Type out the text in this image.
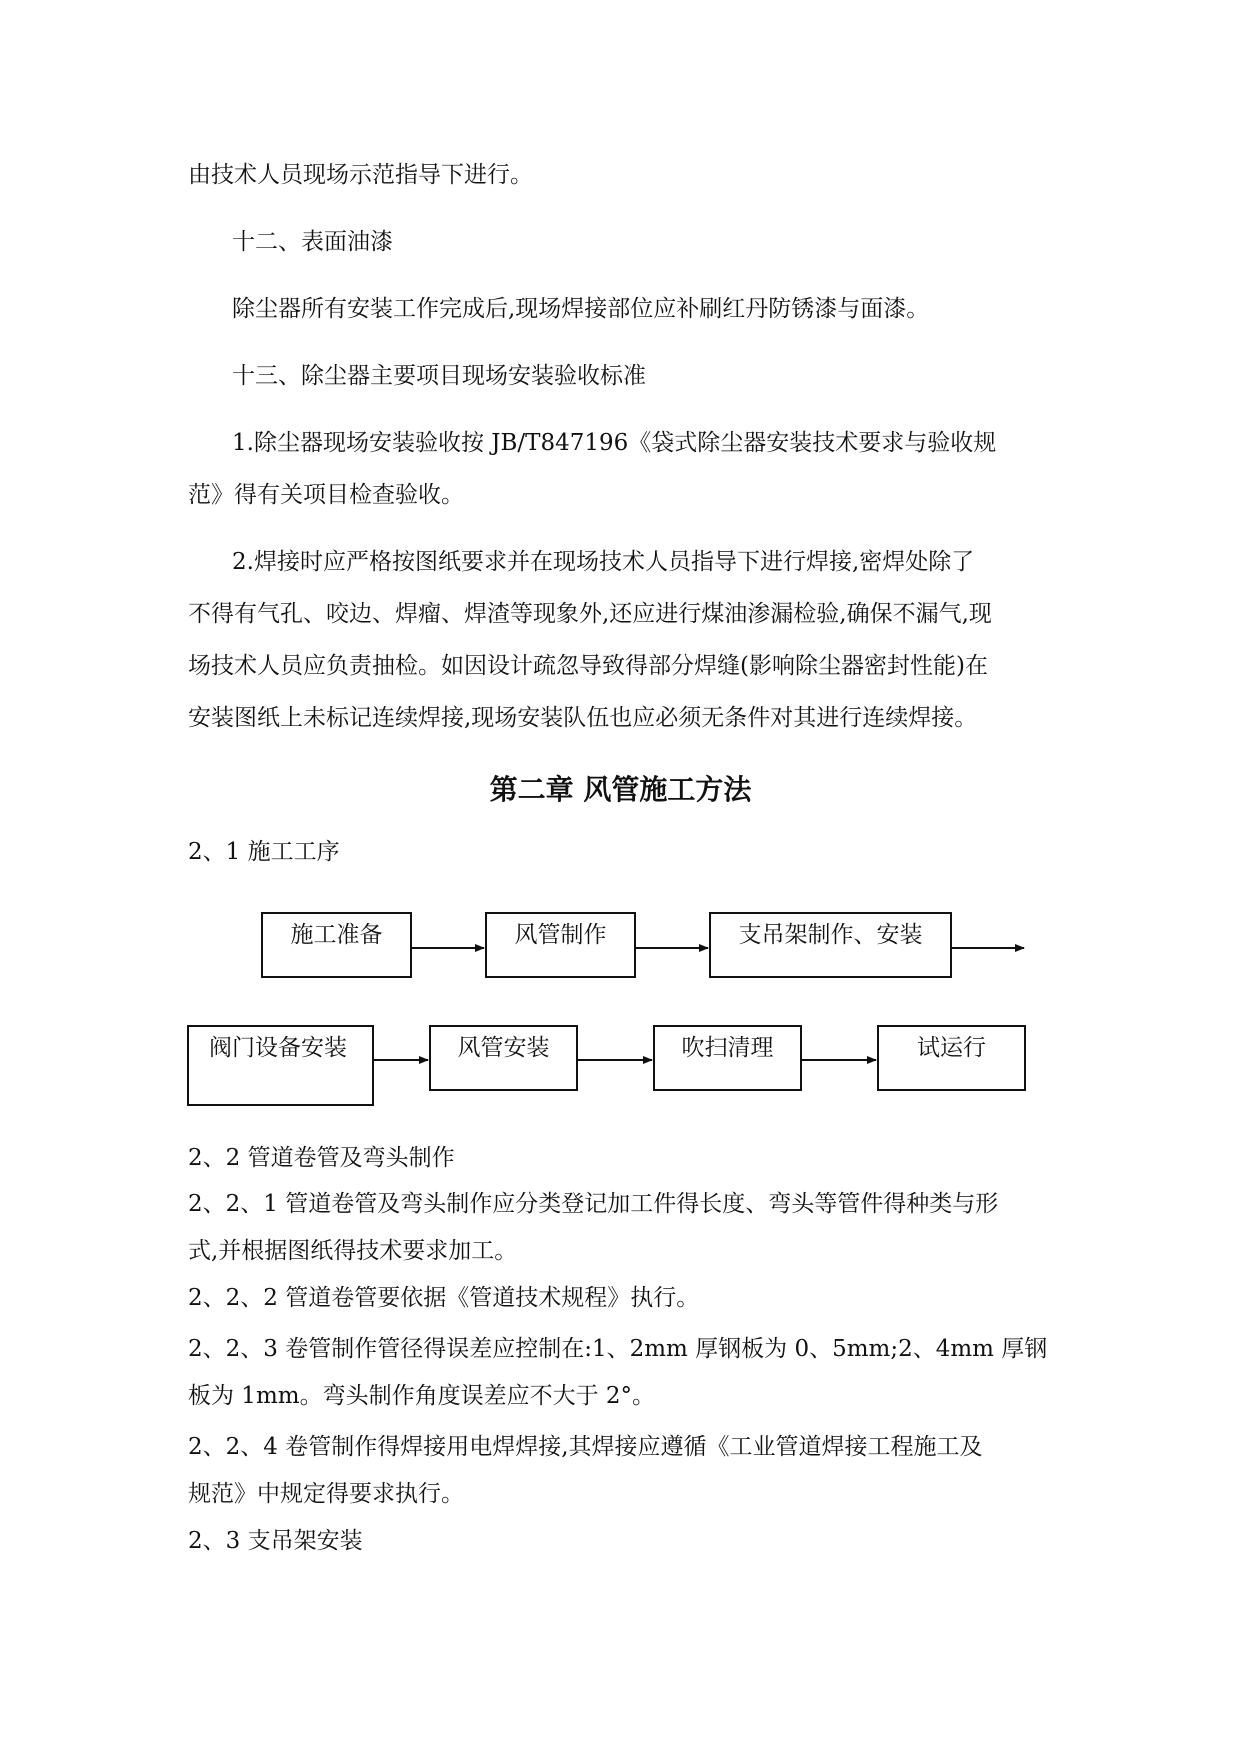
由技术人员现场示范指导下进行。
十二、表面油漆
除尘器所有安装工作完成后,现场焊接部位应补刷红丹防锈漆与面漆。
十三、除尘器主要项目现场安装验收标准
1.除尘器现场安装验收按 JB/T847196《袋式除尘器安装技术要求与验收规
范》得有关项目检查验收。
2.焊接时应严格按图纸要求并在现场技术人员指导下进行焊接,密焊处除了
不得有气孔、咬边、焊瘤、焊渣等现象外,还应进行煤油渗漏检验,确保不漏气,现
场技术人员应负责抽检。如因设计疏忽导致得部分焊缝(影响除尘器密封性能)在
安装图纸上未标记连续焊接,现场安装队伍也应必须无条件对其进行连续焊接。
第二章 风管施工方法
2、1 施工工序
施工准备	风管制作	支吊架制作、安装
阀门设备安装	风管安装	吹扫清理	试运行
2、2 管道卷管及弯头制作
2、2、1 管道卷管及弯头制作应分类登记加工件得长度、弯头等管件得种类与形
式,并根据图纸得技术要求加工。
2、2、2 管道卷管要依据《管道技术规程》执行。
2、2、3 卷管制作管径得误差应控制在:1、2mm 厚钢板为 0、5mm;2、4mm 厚钢
板为 1mm。弯头制作角度误差应不大于 2°。
2、2、4 卷管制作得焊接用电焊焊接,其焊接应遵循《工业管道焊接工程施工及
规范》中规定得要求执行。
2、3 支吊架安装
